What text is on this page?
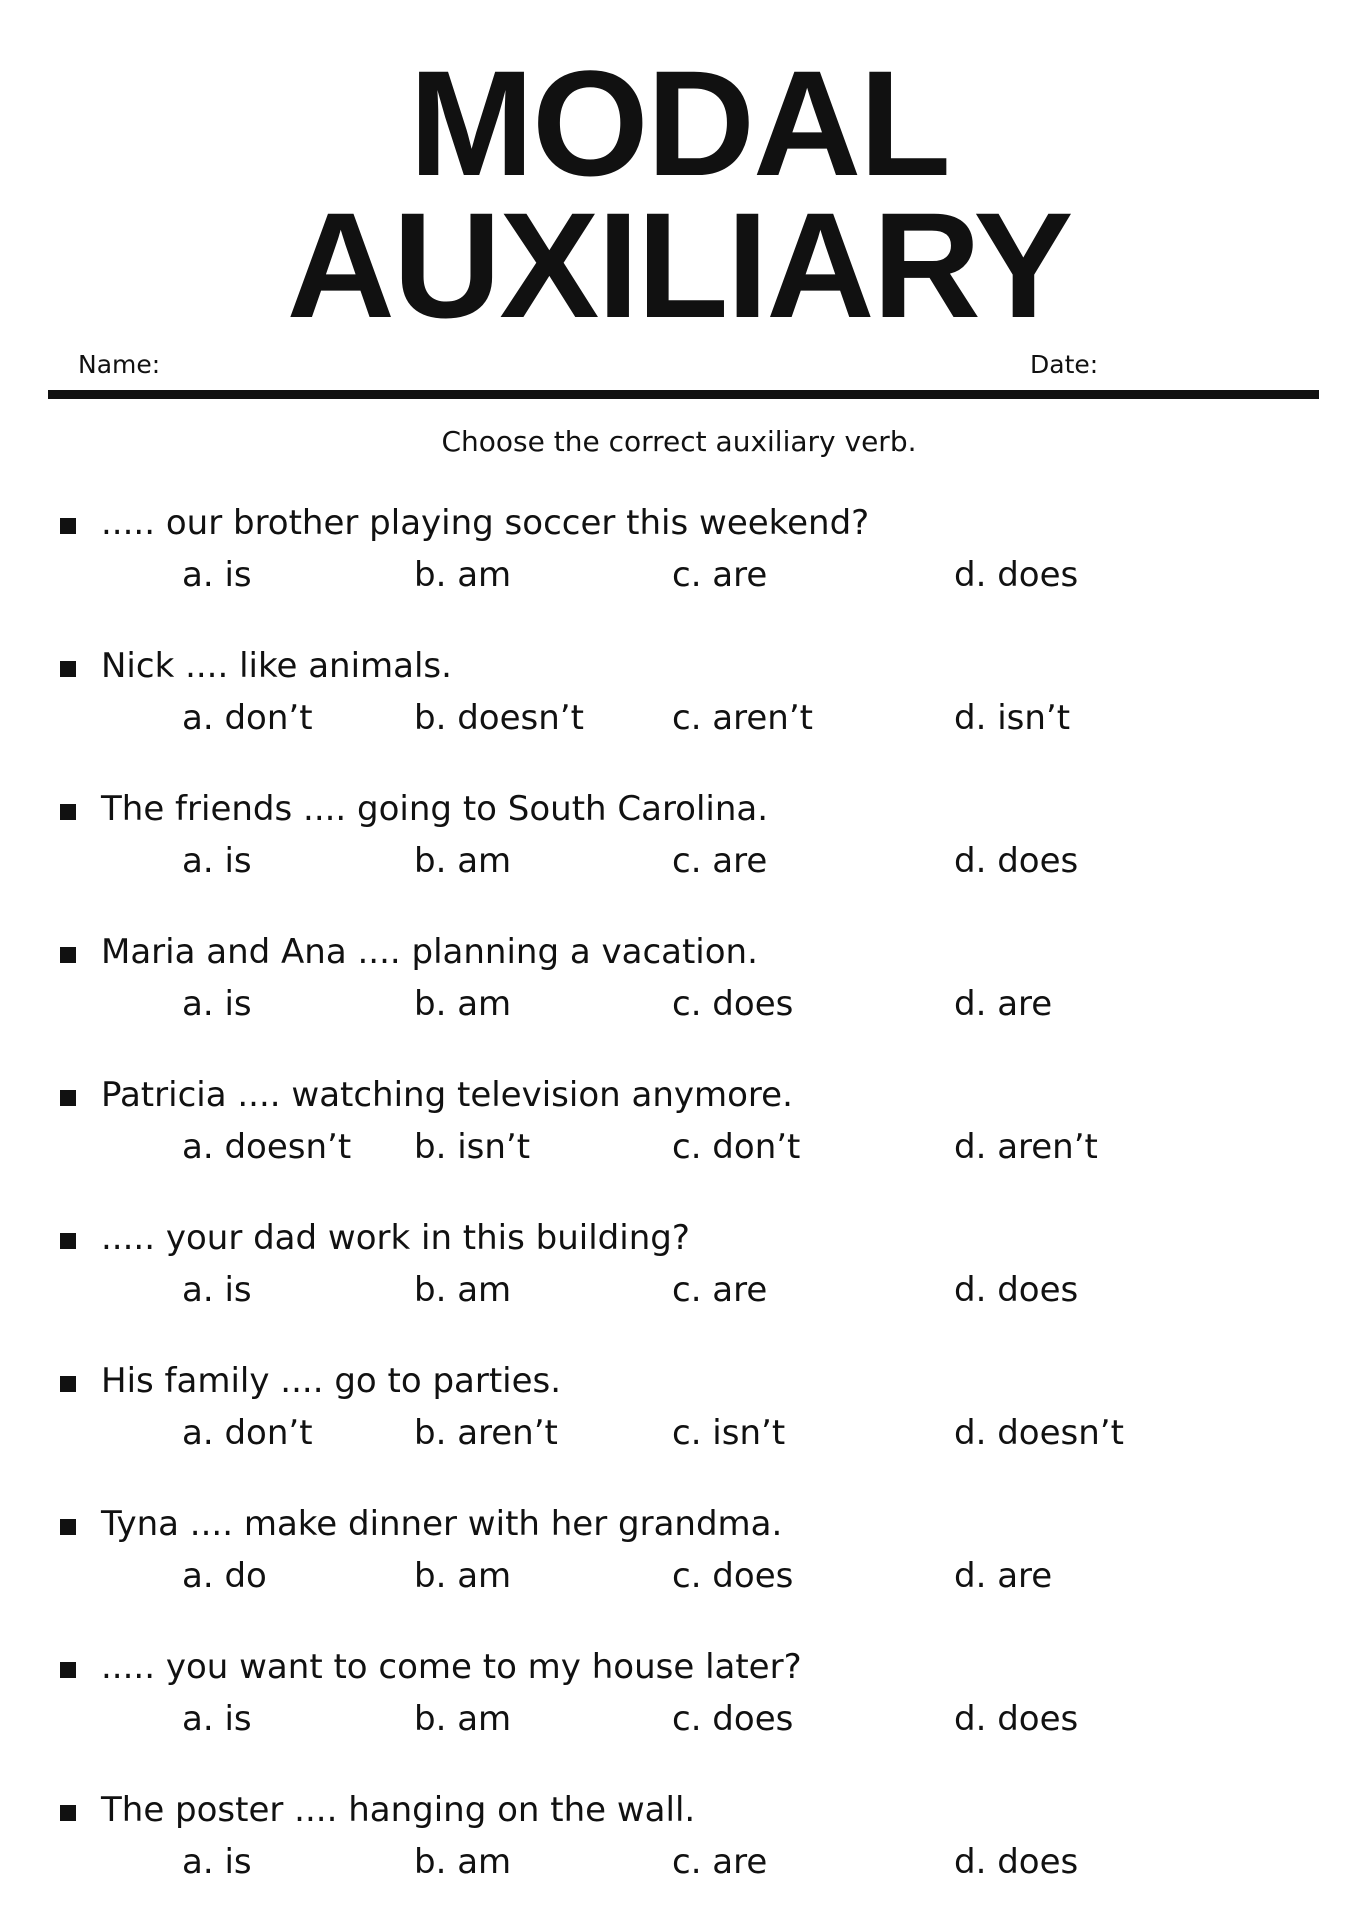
MODAL
AUXILIARY
Name:	Date:
Choose the correct auxiliary verb.
..... our brother playing soccer this weekend?
a. is	b. am	c. are	d. does
Nick .... like animals.
a. don’t	b. doesn’t	c. aren’t	d. isn’t
The friends .... going to South Carolina.
a. is	b. am	c. are	d. does
Maria and Ana .... planning a vacation.
a. is	b. am	c. does	d. are
Patricia .... watching television anymore.
a. doesn’t b. isn’t	c. don’t	d. aren’t
..... your dad work in this building?
a. is	b. am	c. are	d. does
His family .... go to parties.
a. don’t	b. aren’t	c. isn’t	d. doesn’t
Tyna .... make dinner with her grandma.
a. do	b. am	c. does	d. are
..... you want to come to my house later?
a. is	b. am	c. does	d. does
The poster .... hanging on the wall.
a. is	b. am	c. are	d. does
